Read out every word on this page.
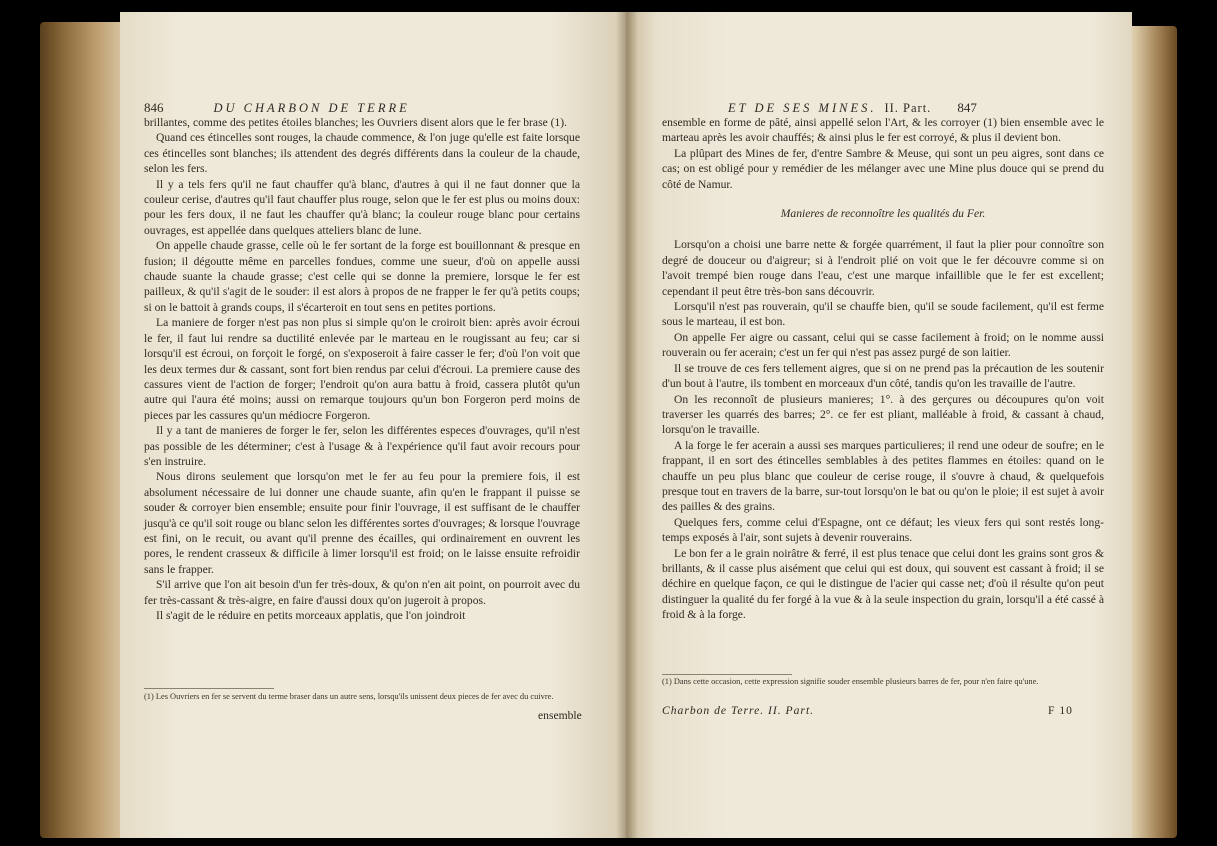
846	DU CHARBON DE TERRE

brillantes, comme des petites étoiles blanches; les Ouvriers disent alors que le fer brase (1).

Quand ces étincelles sont rouges, la chaude commence, & l'on juge qu'elle est faite lorsque ces étincelles sont blanches; ils attendent des degrés différents dans la couleur de la chaude, selon les fers.

Il y a tels fers qu'il ne faut chauffer qu'à blanc, d'autres à qui il ne faut donner que la couleur cerise, d'autres qu'il faut chauffer plus rouge, selon que le fer est plus ou moins doux: pour les fers doux, il ne faut les chauffer qu'à blanc; la couleur rouge blanc pour certains ouvrages, est appellée dans quelques atteliers blanc de lune.

On appelle chaude grasse, celle où le fer sortant de la forge est bouillonnant & presque en fusion; il dégoutte même en parcelles fondues, comme une sueur, d'où on appelle aussi chaude suante la chaude grasse; c'est celle qui se donne la premiere, lorsque le fer est pailleux, & qu'il s'agit de le souder: il est alors à propos de ne frapper le fer qu'à petits coups; si on le battoit à grands coups, il s'écarteroit en tout sens en petites portions.

La maniere de forger n'est pas non plus si simple qu'on le croiroit bien: après avoir écroui le fer, il faut lui rendre sa ductilité enlevée par le marteau en le rougissant au feu; car si lorsqu'il est écroui, on forçoit le forgé, on s'exposeroit à faire casser le fer; d'où l'on voit que les deux termes dur & cassant, sont fort bien rendus par celui d'écroui. La premiere cause des cassures vient de l'action de forger; l'endroit qu'on aura battu à froid, cassera plutôt qu'un autre qui l'aura été moins; aussi on remarque toujours qu'un bon Forgeron perd moins de pieces par les cassures qu'un médiocre Forgeron.

Il y a tant de manieres de forger le fer, selon les différentes especes d'ouvrages, qu'il n'est pas possible de les déterminer; c'est à l'usage & à l'expérience qu'il faut avoir recours pour s'en instruire.

Nous dirons seulement que lorsqu'on met le fer au feu pour la premiere fois, il est absolument nécessaire de lui donner une chaude suante, afin qu'en le frappant il puisse se souder & corroyer bien ensemble; ensuite pour finir l'ouvrage, il est suffisant de le chauffer jusqu'à ce qu'il soit rouge ou blanc selon les différentes sortes d'ouvrages; & lorsque l'ouvrage est fini, on le recuit, ou avant qu'il prenne des écailles, qui ordinairement en ouvrent les pores, le rendent crasseux & difficile à limer lorsqu'il est froid; on le laisse ensuite refroidir sans le frapper.

S'il arrive que l'on ait besoin d'un fer très-doux, & qu'on n'en ait point, on pourroit avec du fer très-cassant & très-aigre, en faire d'aussi doux qu'on jugeroit à propos.

Il s'agit de le réduire en petits morceaux applatis, que l'on joindroit

(1) Les Ouvriers en fer se servent du terme braser dans un autre sens, lorsqu'ils unissent deux pieces de fer avec du cuivre.
ensemble
ET DE SES MINES. II. Part. 847

ensemble en forme de pâté, ainsi appellé selon l'Art, & les corroyer (1) bien ensemble avec le marteau après les avoir chauffés; & ainsi plus le fer est corroyé, & plus il devient bon.

La plûpart des Mines de fer, d'entre Sambre & Meuse, qui sont un peu aigres, sont dans ce cas; on est obligé pour y remédier de les mélanger avec une Mine plus douce qui se prend du côté de Namur.

Manieres de reconnoître les qualités du Fer.

Lorsqu'on a choisi une barre nette & forgée quarrément, il faut la plier pour connoître son degré de douceur ou d'aigreur; si à l'endroit plié on voit que le fer découvre comme si on l'avoit trempé bien rouge dans l'eau, c'est une marque infaillible que le fer est excellent; cependant il peut être très-bon sans découvrir.

Lorsqu'il n'est pas rouverain, qu'il se chauffe bien, qu'il se soude facilement, qu'il est ferme sous le marteau, il est bon.

On appelle Fer aigre ou cassant, celui qui se casse facilement à froid; on le nomme aussi rouverain ou fer acerain; c'est un fer qui n'est pas assez purgé de son laitier.

Il se trouve de ces fers tellement aigres, que si on ne prend pas la précaution de les soutenir d'un bout à l'autre, ils tombent en morceaux d'un côté, tandis qu'on les travaille de l'autre.

On les reconnoît de plusieurs manieres; 1°. à des gerçures ou découpures qu'on voit traverser les quarrés des barres; 2°. ce fer est pliant, malléable à froid, & cassant à chaud, lorsqu'on le travaille.

A la forge le fer acerain a aussi ses marques particulieres; il rend une odeur de soufre; en le frappant, il en sort des étincelles semblables à des petites flammes en étoiles: quand on le chauffe un peu plus blanc que couleur de cerise rouge, il s'ouvre à chaud, & quelquefois presque tout en travers de la barre, sur-tout lorsqu'on le bat ou qu'on le ploie; il est sujet à avoir des pailles & des grains.

Quelques fers, comme celui d'Espagne, ont ce défaut; les vieux fers qui sont restés long-temps exposés à l'air, sont sujets à devenir rouverains.

Le bon fer a le grain noirâtre & ferré, il est plus tenace que celui dont les grains sont gros & brillants, & il casse plus aisément que celui qui est doux, qui souvent est cassant à froid; il se déchire en quelque façon, ce qui le distingue de l'acier qui casse net; d'où il résulte qu'on peut distinguer la qualité du fer forgé à la vue & à la seule inspection du grain, lorsqu'il a été cassé à froid & à la forge.

(1) Dans cette occasion, cette expression signifie souder ensemble plusieurs barres de fer, pour n'en faire qu'une.
Charbon de Terre. II. Part.	F 10
